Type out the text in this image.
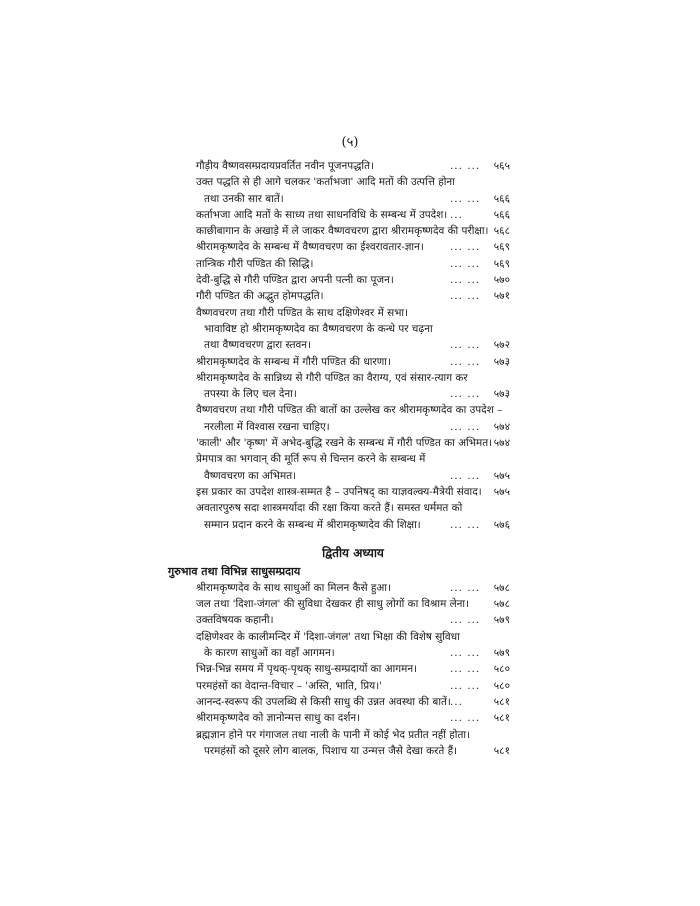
(५)
गौड़ीय वैष्णवसम्प्रदायप्रवर्तित नवीन पूजनपद्धति।	... ...	५६५
उक्त पद्धति से ही आगे चलकर 'कर्ताभजा' आदि मतों की उत्पत्ति होना
तथा उनकी सार बातें।	... ...	५६६
कर्ताभजा आदि मतों के साध्य तथा साधनविधि के सम्बन्ध में उपदेश। ...	५६६
काछीबागान के अखाड़े में ले जाकर वैष्णवचरण द्वारा श्रीरामकृष्णदेव की परीक्षा। ५६८
श्रीरामकृष्णदेव के सम्बन्ध में वैष्णवचरण का ईश्वरावतार-ज्ञान।	... ...	५६९
तान्त्रिक गौरी पण्डित की सिद्धि।	... ...	५६९
देवी-बुद्धि से गौरी पण्डित द्वारा अपनी पत्नी का पूजन।	... ...	५७०
गौरी पण्डित की अद्भुत होमपद्धति।	... ...	५७१
वैष्णवचरण तथा गौरी पण्डित के साथ दक्षिणेश्वर में सभा।
भावाविष्ट हो श्रीरामकृष्णदेव का वैष्णवचरण के कन्धे पर चढ़ना
तथा वैष्णवचरण द्वारा स्तवन।	... ...	५७२
श्रीरामकृष्णदेव के सम्बन्ध में गौरी पण्डित की धारणा।	... ...	५७३
श्रीरामकृष्णदेव के सान्निध्य से गौरी पण्डित का वैराग्य, एवं संसार-त्याग कर
तपस्या के लिए चल देना।	... ...	५७३
वैष्णवचरण तथा गौरी पण्डित की बातों का उल्लेख कर श्रीरामकृष्णदेव का उपदेश –
नरलीला में विश्वास रखना चाहिए।	... ...	५७४
'काली' और 'कृष्ण' में अभेद-बुद्धि रखने के सम्बन्ध में गौरी पण्डित का अभिमत। ५७४
प्रेमपात्र का भगवान् की मूर्ति रूप से चिन्तन करने के सम्बन्ध में
वैष्णवचरण का अभिमत।	... ...	५७५
इस प्रकार का उपदेश शास्त्र-सम्मत है – उपनिषद् का याज्ञवल्क्य-मैत्रेयी संवाद।	५७५
अवतारपुरुष सदा शास्त्रमर्यादा की रक्षा किया करते हैं। समस्त धर्ममत को
सम्मान प्रदान करने के सम्बन्ध में श्रीरामकृष्णदेव की शिक्षा।	... ...	५७६
द्वितीय अध्याय
गुरुभाव तथा विभिन्न साधुसम्प्रदाय
श्रीरामकृष्णदेव के साथ साधुओं का मिलन कैसे हुआ।	... ...	५७८
जल तथा 'दिशा-जंगल' की सुविधा देखकर ही साधु लोगों का विश्राम लेना।	५७८
उक्तविषयक कहानी।	... ...	५७९
दक्षिणेश्वर के कालीमन्दिर में 'दिशा-जंगल' तथा भिक्षा की विशेष सुविधा
के कारण साधुओं का वहाँ आगमन।	... ...	५७९
भिन्न-भिन्न समय में पृथक्-पृथक् साधु-सम्प्रदायों का आगमन।	... ...	५८०
परमहंसों का वेदान्त-विचार – 'अस्ति, भाति, प्रिय।'	... ...	५८०
आनन्द-स्वरूप की उपलब्धि से किसी साधु की उन्नत अवस्था की बातें। ...	५८१
श्रीरामकृष्णदेव को ज्ञानोन्मत्त साधु का दर्शन।	... ...	५८१
ब्रह्मज्ञान होने पर गंगाजल तथा नाली के पानी में कोई भेद प्रतीत नहीं होता।
परमहंसों को दूसरे लोग बालक, पिशाच या उन्मत्त जैसे देखा करते हैं।	५८१
